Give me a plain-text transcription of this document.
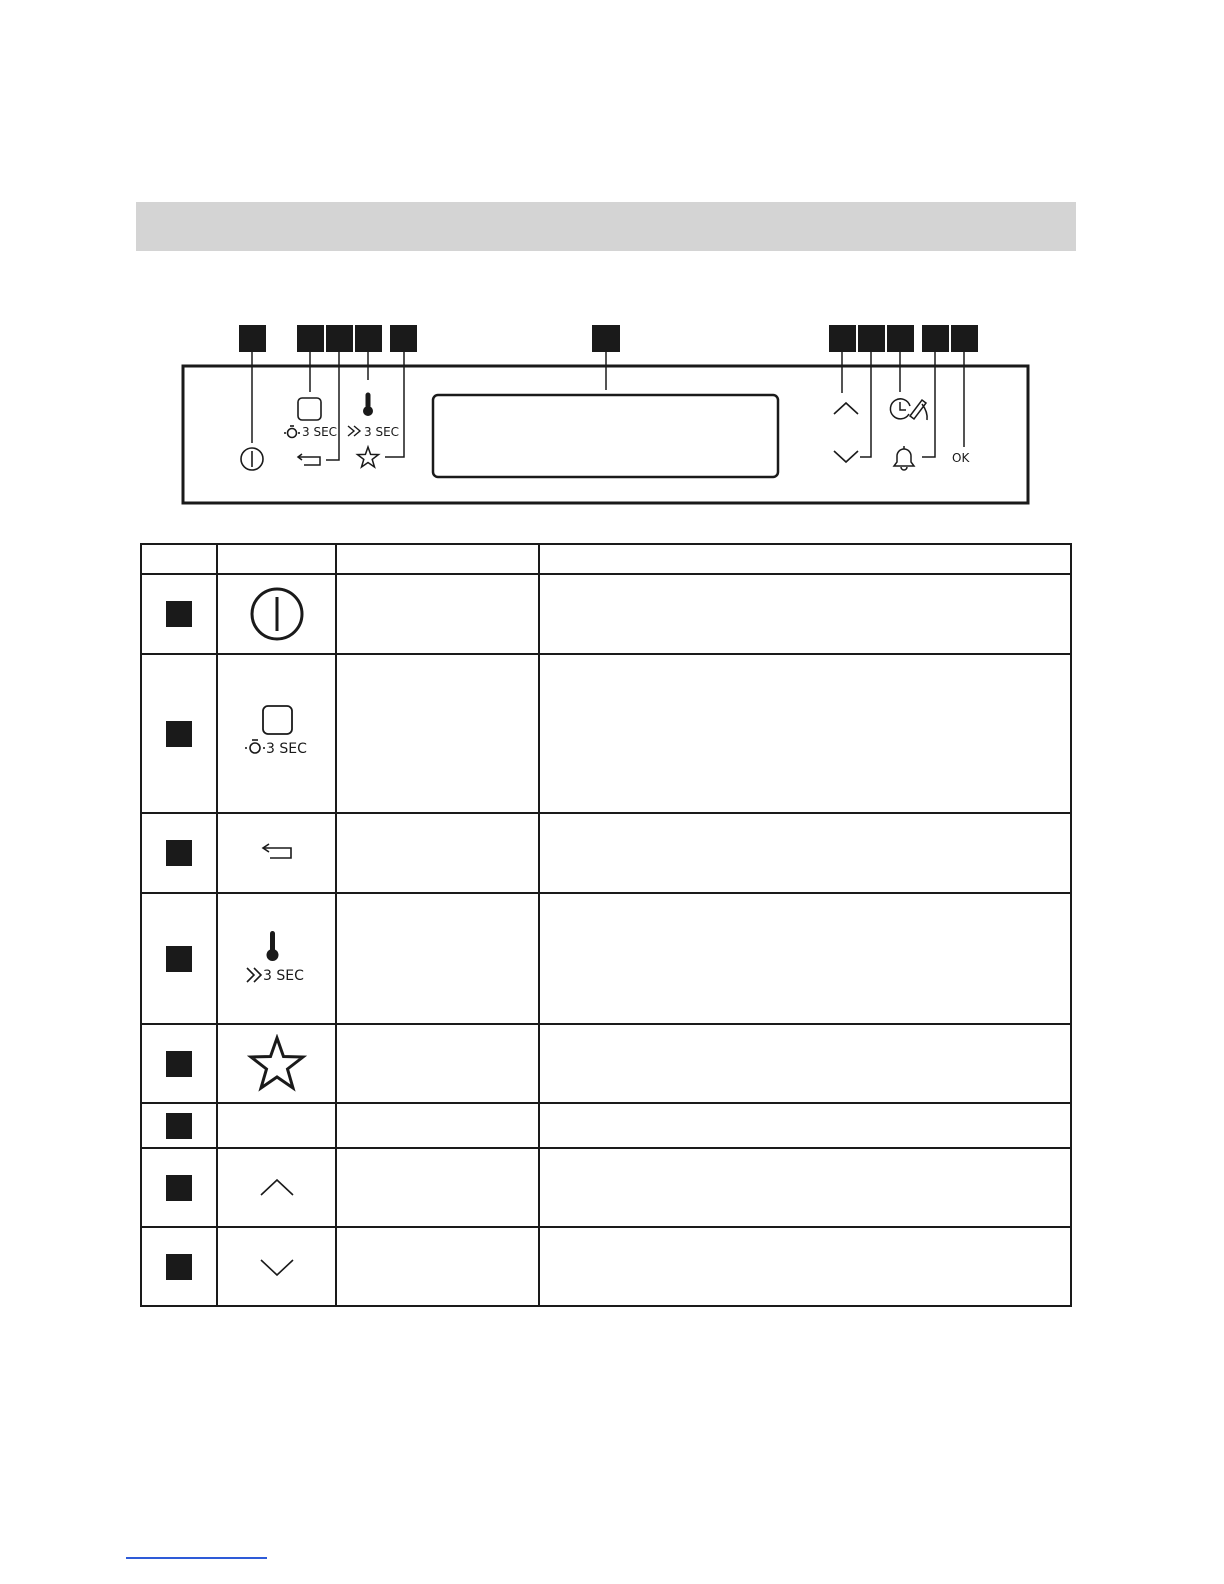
3 SEC 3 SEC
OK

3 SEC		

3 SEC		
